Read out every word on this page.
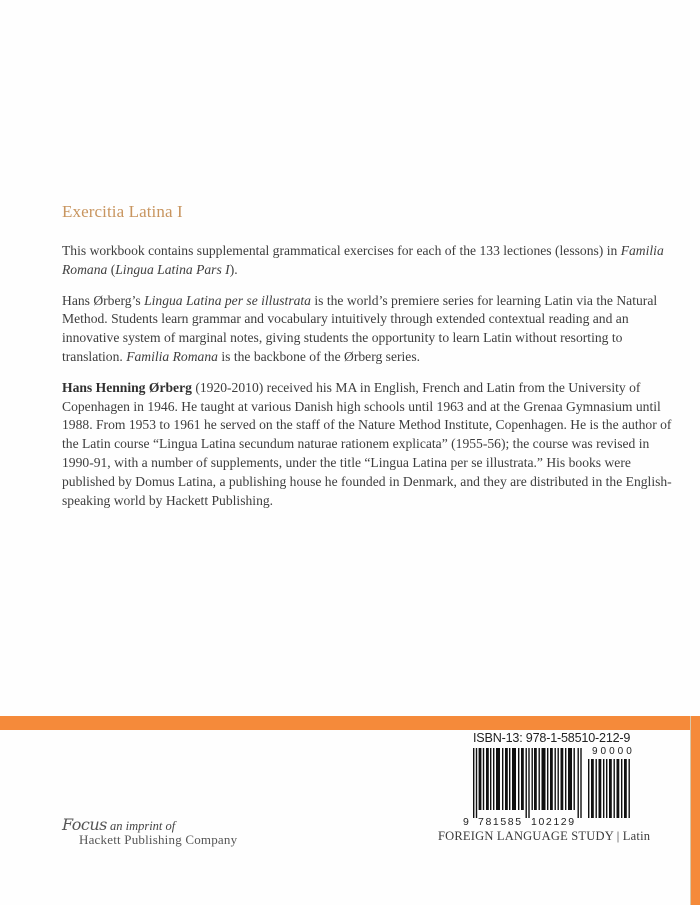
Exercitia Latina I

This workbook contains supplemental grammatical exercises for each of the 133 lectiones (lessons) in Familia Romana (Lingua Latina Pars I).

Hans Ørberg’s Lingua Latina per se illustrata is the world’s premiere series for learning Latin via the Natural Method. Students learn grammar and vocabulary intuitively through extended contextual reading and an innovative system of marginal notes, giving students the opportunity to learn Latin without resorting to translation. Familia Romana is the backbone of the Ørberg series.

Hans Henning Ørberg (1920-2010) received his MA in English, French and Latin from the University of Copenhagen in 1946. He taught at various Danish high schools until 1963 and at the Grenaa Gymnasium until 1988. From 1953 to 1961 he served on the staff of the Nature Method Institute, Copenhagen. He is the author of the Latin course “Lingua Latina secundum naturae rationem explicata” (1955-56); the course was revised in 1990-91, with a number of supplements, under the title “Lingua Latina per se illustrata.” His books were published by Domus Latina, a publishing house he founded in Denmark, and they are distributed in the English-speaking world by Hackett Publishing.

ISBN-13: 978-1-58510-212-9
90000
9 781585 102129
FOREIGN LANGUAGE STUDY | Latin
Focus an imprint of
Hackett Publishing Company
